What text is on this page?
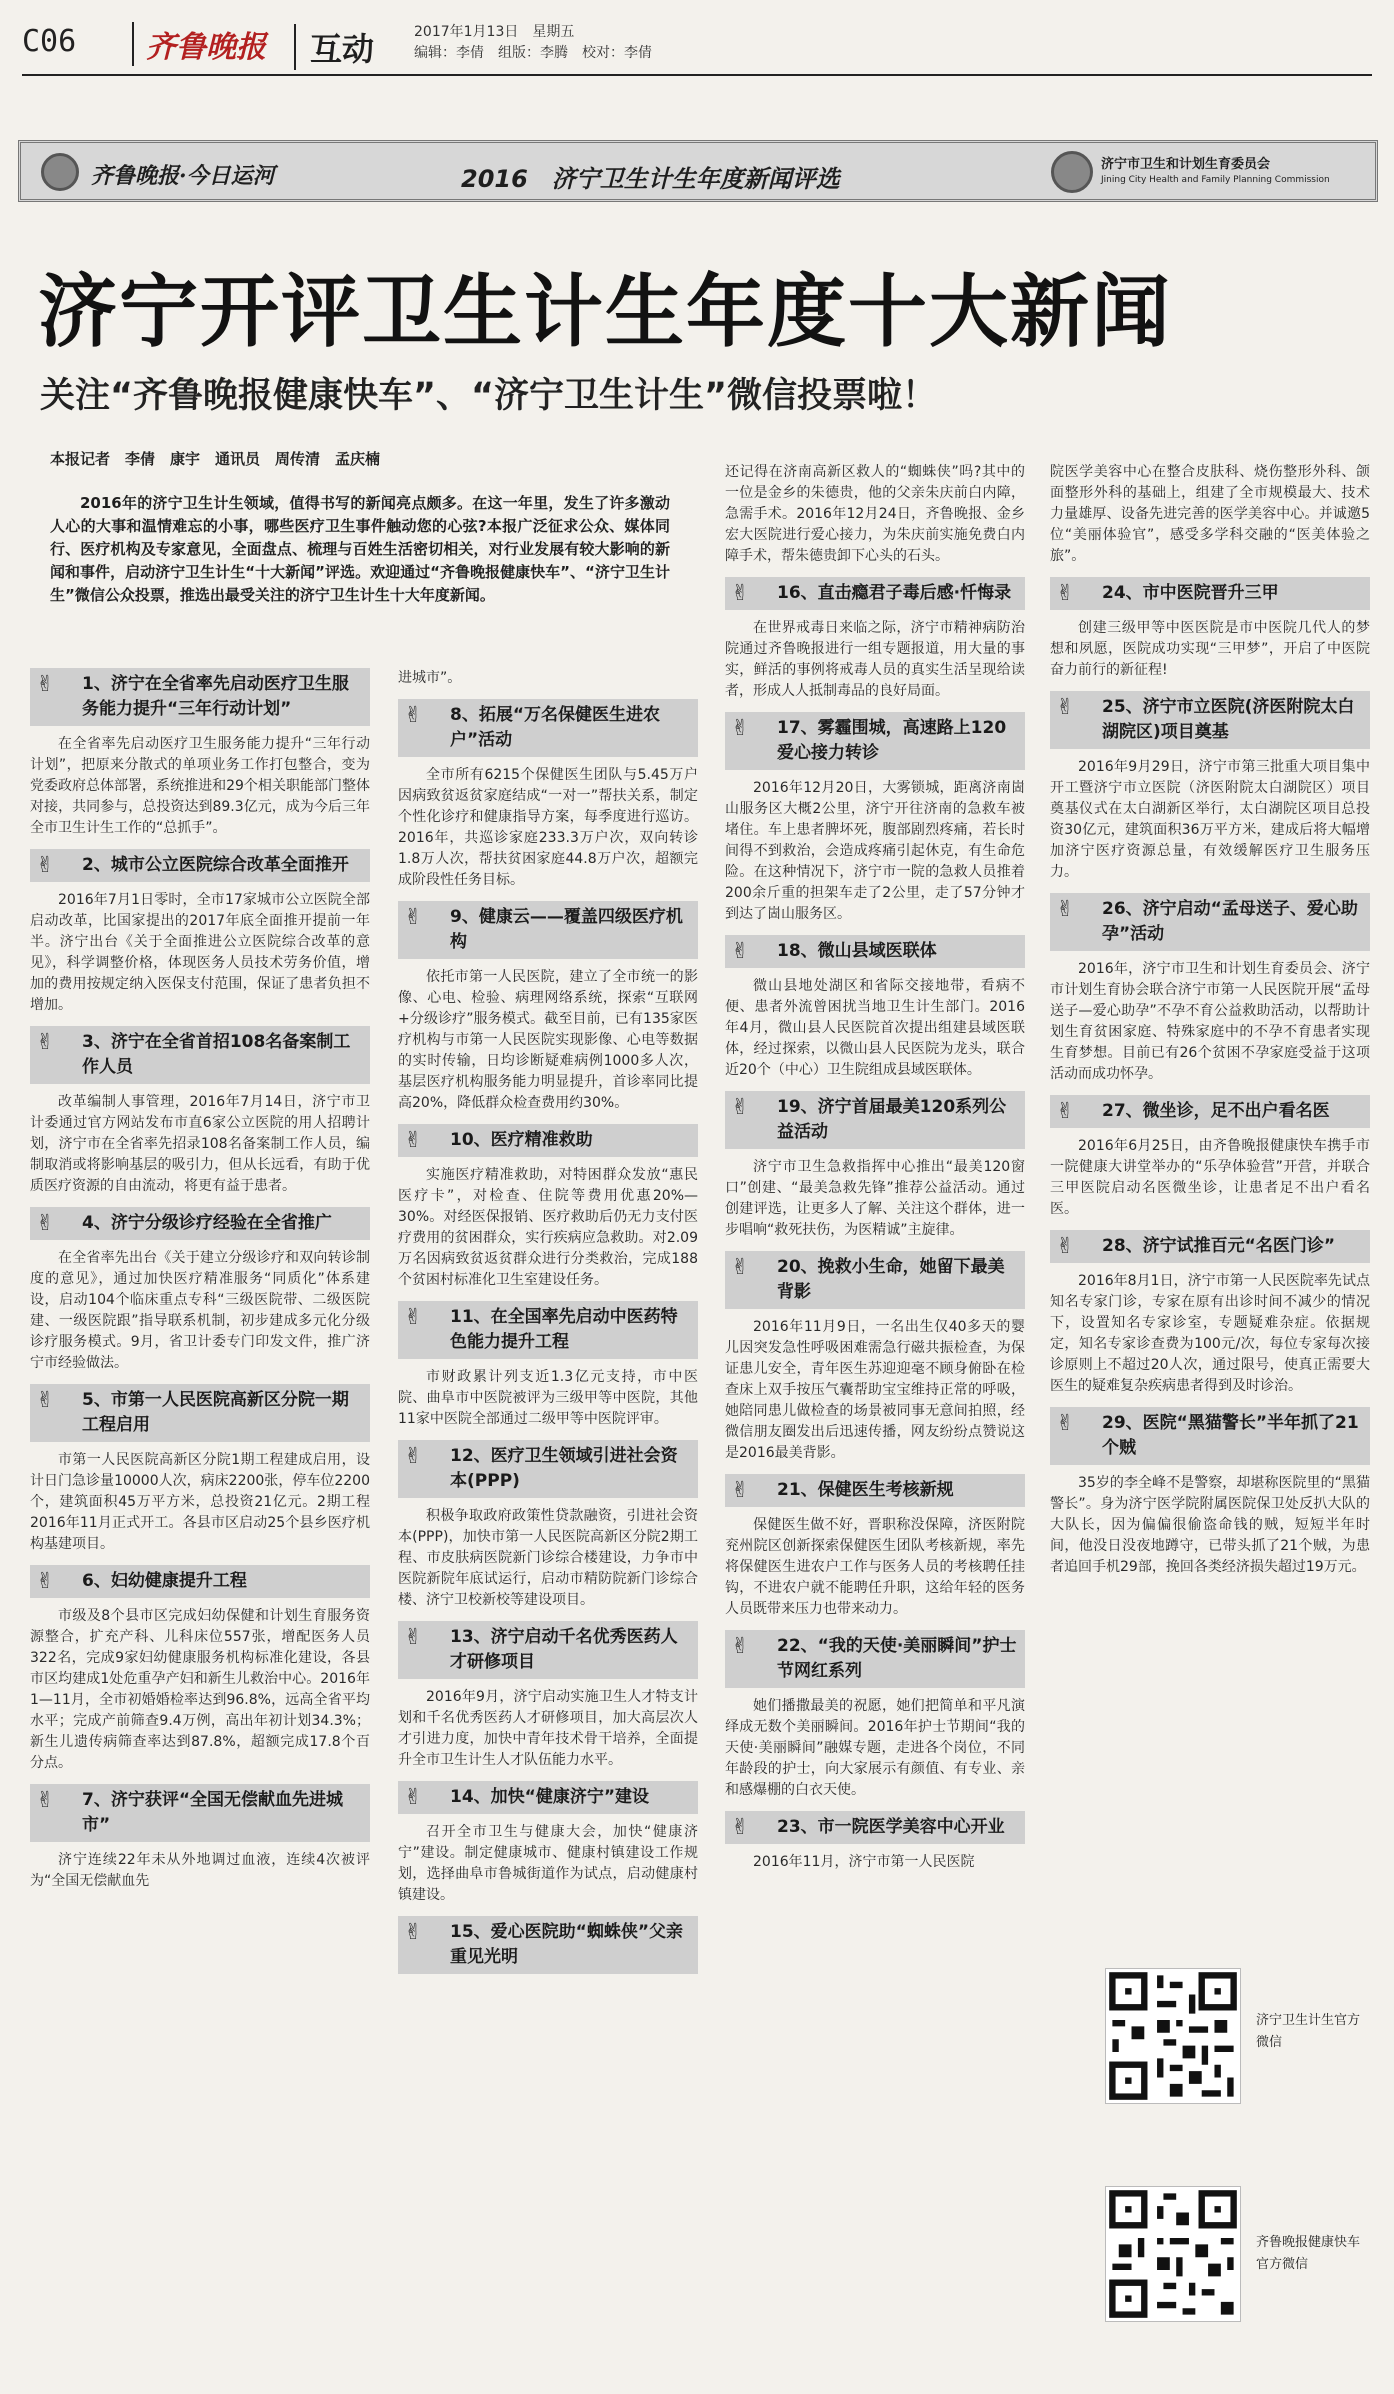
C06	齐鲁晚报	互动	2017年1月13日　星期五
编辑：李倩　组版：李腾　校对：李倩
齐鲁晚报·今日运河	2016　济宁卫生计生年度新闻评选
济宁市卫生和计划生育委员会
Jining City Health and Family Planning Commission
济宁开评卫生计生年度十大新闻
关注“齐鲁晚报健康快车”、“济宁卫生计生”微信投票啦！
本报记者　李倩　康宇　通讯员　周传清　孟庆楠

2016年的济宁卫生计生领域，值得书写的新闻亮点颇多。在这一年里，发生了许多激动人心的大事和温情难忘的小事，哪些医疗卫生事件触动您的心弦?本报广泛征求公众、媒体同行、医疗机构及专家意见，全面盘点、梳理与百姓生活密切相关，对行业发展有较大影响的新闻和事件，启动济宁卫生计生“十大新闻”评选。欢迎通过“齐鲁晚报健康快车”、“济宁卫生计生”微信公众投票，推选出最受关注的济宁卫生计生十大年度新闻。

✌	1、济宁在全省率先启动医疗卫生服务能力提升“三年行动计划”

在全省率先启动医疗卫生服务能力提升“三年行动计划”，把原来分散式的单项业务工作打包整合，变为党委政府总体部署，系统推进和29个相关职能部门整体对接，共同参与，总投资达到89.3亿元，成为今后三年全市卫生计生工作的“总抓手”。

✌	2、城市公立医院综合改革全面推开

2016年7月1日零时，全市17家城市公立医院全部启动改革，比国家提出的2017年底全面推开提前一年半。济宁出台《关于全面推进公立医院综合改革的意见》，科学调整价格，体现医务人员技术劳务价值，增加的费用按规定纳入医保支付范围，保证了患者负担不增加。

✌	3、济宁在全省首招108名备案制工作人员

改革编制人事管理，2016年7月14日，济宁市卫计委通过官方网站发布市直6家公立医院的用人招聘计划，济宁市在全省率先招录108名备案制工作人员，编制取消或将影响基层的吸引力，但从长远看，有助于优质医疗资源的自由流动，将更有益于患者。

✌	4、济宁分级诊疗经验在全省推广

在全省率先出台《关于建立分级诊疗和双向转诊制度的意见》，通过加快医疗精准服务“同质化”体系建设，启动104个临床重点专科“三级医院带、二级医院建、一级医院跟”指导联系机制，初步建成多元化分级诊疗服务模式。9月，省卫计委专门印发文件，推广济宁市经验做法。

✌	5、市第一人民医院高新区分院一期工程启用

市第一人民医院高新区分院1期工程建成启用，设计日门急诊量10000人次，病床2200张，停车位2200个，建筑面积45万平方米，总投资21亿元。2期工程2016年11月正式开工。各县市区启动25个县乡医疗机构基建项目。

✌	6、妇幼健康提升工程

市级及8个县市区完成妇幼保健和计划生育服务资源整合，扩充产科、儿科床位557张，增配医务人员322名，完成9家妇幼健康服务机构标准化建设，各县市区均建成1处危重孕产妇和新生儿救治中心。2016年1—11月，全市初婚婚检率达到96.8%，远高全省平均水平；完成产前筛查9.4万例，高出年初计划34.3%；新生儿遗传病筛查率达到87.8%，超额完成17.8个百分点。

✌	7、济宁获评“全国无偿献血先进城市”

济宁连续22年未从外地调过血液，连续4次被评为“全国无偿献血先

进城市”。

✌	8、拓展“万名保健医生进农户”活动

全市所有6215个保健医生团队与5.45万户因病致贫返贫家庭结成“一对一”帮扶关系，制定个性化诊疗和健康指导方案，每季度进行巡访。2016年，共巡诊家庭233.3万户次，双向转诊1.8万人次，帮扶贫困家庭44.8万户次，超额完成阶段性任务目标。

✌	9、健康云——覆盖四级医疗机构

依托市第一人民医院，建立了全市统一的影像、心电、检验、病理网络系统，探索“互联网+分级诊疗”服务模式。截至目前，已有135家医疗机构与市第一人民医院实现影像、心电等数据的实时传输，日均诊断疑难病例1000多人次，基层医疗机构服务能力明显提升，首诊率同比提高20%，降低群众检查费用约30%。

✌	10、医疗精准救助

实施医疗精准救助，对特困群众发放“惠民医疗卡”，对检查、住院等费用优惠20%—30%。对经医保报销、医疗救助后仍无力支付医疗费用的贫困群众，实行疾病应急救助。对2.09万名因病致贫返贫群众进行分类救治，完成188个贫困村标准化卫生室建设任务。

✌	11、在全国率先启动中医药特色能力提升工程

市财政累计列支近1.3亿元支持，市中医院、曲阜市中医院被评为三级甲等中医院，其他11家中医院全部通过二级甲等中医院评审。

✌	12、医疗卫生领域引进社会资本(PPP)

积极争取政府政策性贷款融资，引进社会资本(PPP)，加快市第一人民医院高新区分院2期工程、市皮肤病医院新门诊综合楼建设，力争市中医院新院年底试运行，启动市精防院新门诊综合楼、济宁卫校新校等建设项目。

✌	13、济宁启动千名优秀医药人才研修项目

2016年9月，济宁启动实施卫生人才特支计划和千名优秀医药人才研修项目，加大高层次人才引进力度，加快中青年技术骨干培养，全面提升全市卫生计生人才队伍能力水平。

✌	14、加快“健康济宁”建设

召开全市卫生与健康大会，加快“健康济宁”建设。制定健康城市、健康村镇建设工作规划，选择曲阜市鲁城街道作为试点，启动健康村镇建设。

✌	15、爱心医院助“蜘蛛侠”父亲重见光明

还记得在济南高新区救人的“蜘蛛侠”吗?其中的一位是金乡的朱德贵，他的父亲朱庆前白内障，急需手术。2016年12月24日，齐鲁晚报、金乡宏大医院进行爱心接力，为朱庆前实施免费白内障手术，帮朱德贵卸下心头的石头。

✌	16、直击瘾君子毒后感·忏悔录

在世界戒毒日来临之际，济宁市精神病防治院通过齐鲁晚报进行一组专题报道，用大量的事实，鲜活的事例将戒毒人员的真实生活呈现给读者，形成人人抵制毒品的良好局面。

✌	17、雾霾围城，高速路上120爱心接力转诊

2016年12月20日，大雾锁城，距离济南崮山服务区大概2公里，济宁开往济南的急救车被堵住。车上患者脾坏死，腹部剧烈疼痛，若长时间得不到救治，会造成疼痛引起休克，有生命危险。在这种情况下，济宁市一院的急救人员推着200余斤重的担架车走了2公里，走了57分钟才到达了崮山服务区。

✌	18、微山县域医联体

微山县地处湖区和省际交接地带，看病不便、患者外流曾困扰当地卫生计生部门。2016年4月，微山县人民医院首次提出组建县域医联体，经过探索，以微山县人民医院为龙头，联合近20个（中心）卫生院组成县域医联体。

✌	19、济宁首届最美120系列公益活动

济宁市卫生急救指挥中心推出“最美120窗口”创建、“最美急救先锋”推荐公益活动。通过创建评选，让更多人了解、关注这个群体，进一步唱响“救死扶伤，为医精诚”主旋律。

✌	20、挽救小生命，她留下最美背影

2016年11月9日，一名出生仅40多天的婴儿因突发急性呼吸困难需急行磁共振检查，为保证患儿安全，青年医生苏迎迎毫不顾身俯卧在检查床上双手按压气囊帮助宝宝维持正常的呼吸，她陪同患儿做检查的场景被同事无意间拍照，经微信朋友圈发出后迅速传播，网友纷纷点赞说这是2016最美背影。

✌	21、保健医生考核新规

保健医生做不好，晋职称没保障，济医附院兖州院区创新探索保健医生团队考核新规，率先将保健医生进农户工作与医务人员的考核聘任挂钩，不进农户就不能聘任升职，这给年轻的医务人员既带来压力也带来动力。

✌	22、“我的天使·美丽瞬间”护士节网红系列

她们播撒最美的祝愿，她们把简单和平凡演绎成无数个美丽瞬间。2016年护士节期间“我的天使·美丽瞬间”融媒专题，走进各个岗位，不同年龄段的护士，向大家展示有颜值、有专业、亲和感爆棚的白衣天使。

✌	23、市一院医学美容中心开业

2016年11月，济宁市第一人民医院

院医学美容中心在整合皮肤科、烧伤整形外科、颌面整形外科的基础上，组建了全市规模最大、技术力量雄厚、设备先进完善的医学美容中心。并诚邀5位“美丽体验官”，感受多学科交融的“医美体验之旅”。

✌	24、市中医院晋升三甲

创建三级甲等中医医院是市中医院几代人的梦想和夙愿，医院成功实现“三甲梦”，开启了中医院奋力前行的新征程!

✌	25、济宁市立医院(济医附院太白湖院区)项目奠基

2016年9月29日，济宁市第三批重大项目集中开工暨济宁市立医院（济医附院太白湖院区）项目奠基仪式在太白湖新区举行，太白湖院区项目总投资30亿元，建筑面积36万平方米，建成后将大幅增加济宁医疗资源总量，有效缓解医疗卫生服务压力。

✌	26、济宁启动“孟母送子、爱心助孕”活动

2016年，济宁市卫生和计划生育委员会、济宁市计划生育协会联合济宁市第一人民医院开展“孟母送子—爱心助孕”不孕不育公益救助活动，以帮助计划生育贫困家庭、特殊家庭中的不孕不育患者实现生育梦想。目前已有26个贫困不孕家庭受益于这项活动而成功怀孕。

✌	27、微坐诊，足不出户看名医

2016年6月25日，由齐鲁晚报健康快车携手市一院健康大讲堂举办的“乐孕体验营”开营，并联合三甲医院启动名医微坐诊，让患者足不出户看名医。

✌	28、济宁试推百元“名医门诊”

2016年8月1日，济宁市第一人民医院率先试点知名专家门诊，专家在原有出诊时间不减少的情况下，设置知名专家诊室，专题疑难杂症。依据规定，知名专家诊查费为100元/次，每位专家每次接诊原则上不超过20人次，通过限号，使真正需要大医生的疑难复杂疾病患者得到及时诊治。

✌	29、医院“黑猫警长”半年抓了21个贼

35岁的李全峰不是警察，却堪称医院里的“黑猫警长”。身为济宁医学院附属医院保卫处反扒大队的大队长，因为偏偏很偷盗命钱的贼，短短半年时间，他没日没夜地蹲守，已带头抓了21个贼，为患者追回手机29部，挽回各类经济损失超过19万元。

济宁卫生计生官方微信
齐鲁晚报健康快车官方微信
